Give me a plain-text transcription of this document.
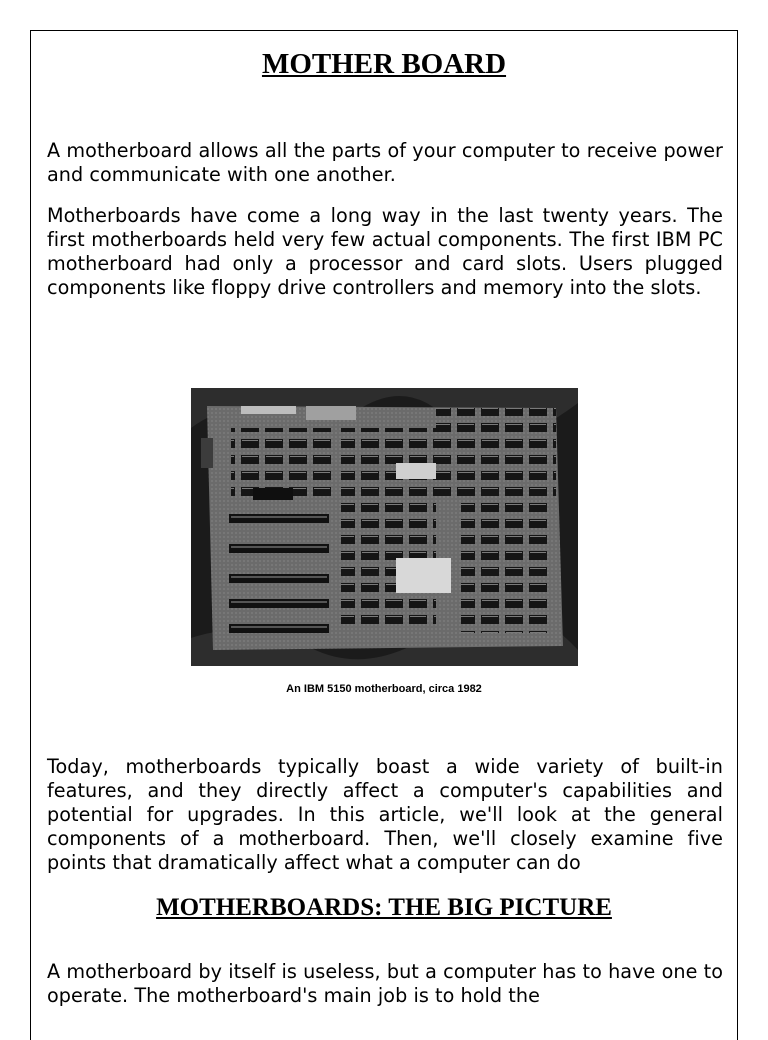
MOTHER BOARD

A motherboard allows all the parts of your computer to receive power and communicate with one another.

Motherboards have come a long way in the last twenty years. The first motherboards held very few actual components. The first IBM PC motherboard had only a processor and card slots. Users plugged components like floppy drive controllers and memory into the slots.

An IBM 5150 motherboard, circa 1982

Today, motherboards typically boast a wide variety of built-in features, and they directly affect a computer's capabilities and potential for upgrades. In this article, we'll look at the general components of a motherboard. Then, we'll closely examine five points that dramatically affect what a computer can do

MOTHERBOARDS: THE BIG PICTURE

A motherboard by itself is useless, but a computer has to have one to operate. The motherboard's main job is to hold the
